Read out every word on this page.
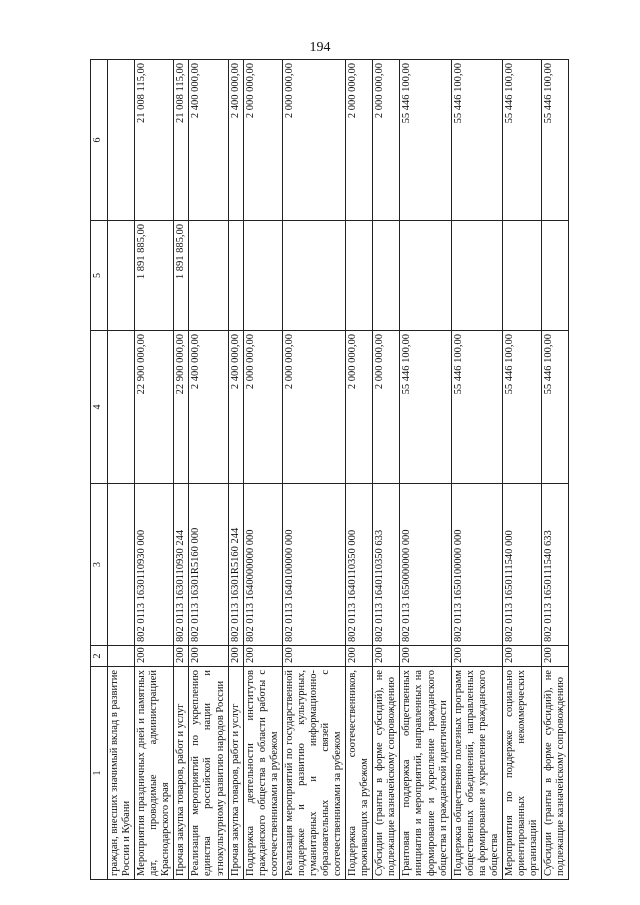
194
1	2	3	4	5	6
граждан, внесших значимый вклад в развитие России и Кубани					
Мероприятия праздничных дней и памятных дат, проводимые администрацией Краснодарского края	200	802 0113 1630110930 000	22 900 000,00	1 891 885,00	21 008 115,00
Прочая закупка товаров, работ и услуг	200	802 0113 1630110930 244	22 900 000,00	1 891 885,00	21 008 115,00
Реализация мероприятий по укреплению единства российской нации и этнокультурному развитию народов России	200	802 0113 16301R5160 000	2 400 000,00		2 400 000,00
Прочая закупка товаров, работ и услуг	200	802 0113 16301R5160 244	2 400 000,00		2 400 000,00
Поддержка деятельности институтов гражданского общества в области работы с соотечественниками за рубежом	200	802 0113 1640000000 000	2 000 000,00		2 000 000,00
Реализация мероприятий по государственной поддержке и развитию культурных, гуманитарных и информационно-образовательных связей с соотечественниками за рубежом	200	802 0113 1640100000 000	2 000 000,00		2 000 000,00
Поддержка соотечественников, проживающих за рубежом	200	802 0113 1640110350 000	2 000 000,00		2 000 000,00
Субсидии (гранты в форме субсидий), не подлежащие казначейскому сопровождению	200	802 0113 1640110350 633	2 000 000,00		2 000 000,00
Грантовая поддержка общественных инициатив и мероприятий, направленных на формирование и укрепление гражданского общества и гражданской идентичности	200	802 0113 1650000000 000	55 446 100,00		55 446 100,00
Поддержка общественно полезных программ общественных объединений, направленных на формирование и укрепление гражданского общества	200	802 0113 1650100000 000	55 446 100,00		55 446 100,00
Мероприятия по поддержке социально ориентированных некоммерческих организаций	200	802 0113 1650111540 000	55 446 100,00		55 446 100,00
Субсидии (гранты в форме субсидий), не подлежащие казначейскому сопровождению	200	802 0113 1650111540 633	55 446 100,00		55 446 100,00
